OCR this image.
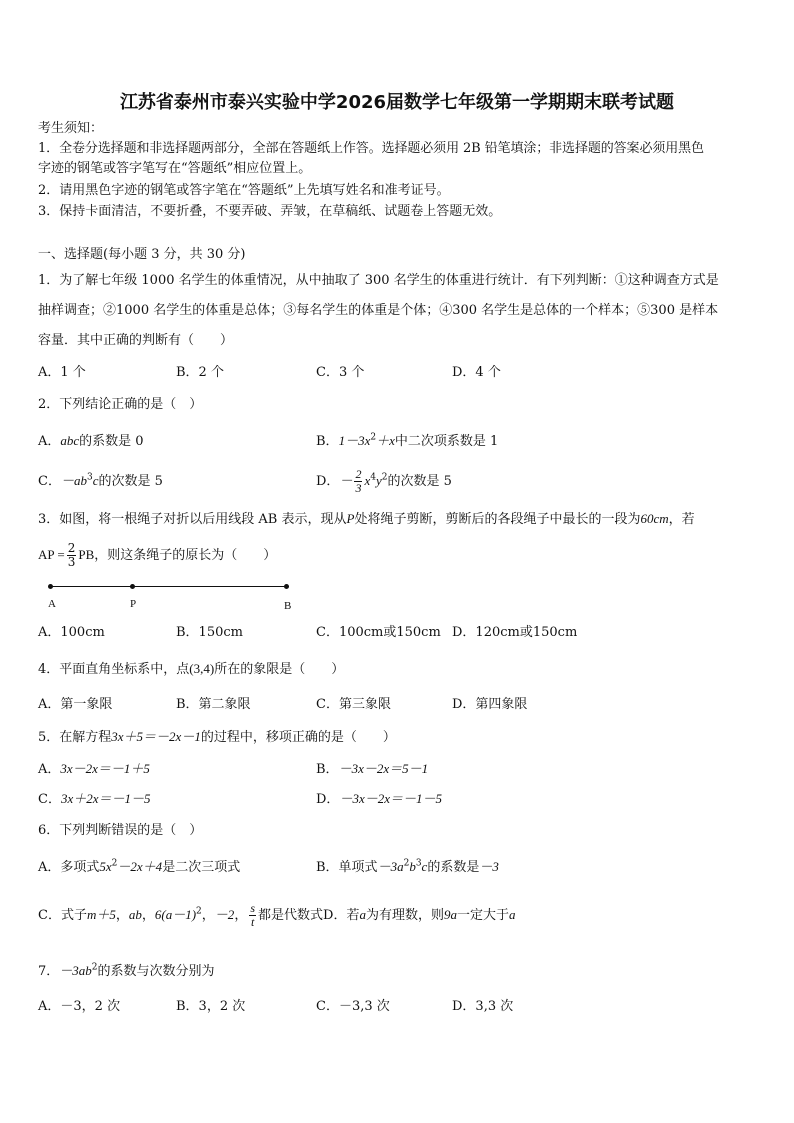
江苏省泰州市泰兴实验中学2026届数学七年级第一学期期末联考试题
考生须知：
1．全卷分选择题和非选择题两部分，全部在答题纸上作答。选择题必须用 2B 铅笔填涂；非选择题的答案必须用黑色
字迹的钢笔或答字笔写在“答题纸”相应位置上。
2．请用黑色字迹的钢笔或答字笔在“答题纸”上先填写姓名和准考证号。
3．保持卡面清洁，不要折叠，不要弄破、弄皱，在草稿纸、试题卷上答题无效。
一、选择题(每小题 3 分，共 30 分)
1．为了解七年级 1000 名学生的体重情况，从中抽取了 300 名学生的体重进行统计．有下列判断：①这种调查方式是
抽样调查；②1000 名学生的体重是总体；③每名学生的体重是个体；④300 名学生是总体的一个样本；⑤300 是样本
容量．其中正确的判断有（　　）
A．1 个	B．2 个	C．3 个	D．4 个
2．下列结论正确的是（　）
A．abc的系数是 0	B．$1-3x^2+x$中二次项系数是 1
C．$-ab^3c$的次数是 5	D．－ $\frac{2}{3} x^4y^2$的次数是 5
3．如图，将一根绳子对折以后用线段 AB 表示，现从P处将绳子剪断，剪断后的各段绳子中最长的一段为60cm，若
AP = $\frac{2}{3}$ PB，则这条绳子的原长为（　　）
A	P	B
A．100cm	B．150cm	C．100cm或150cm D．120cm或150cm
4．平面直角坐标系中，点(3,4)所在的象限是（　　）
A．第一象限	B．第二象限	C．第三象限	D．第四象限
5．在解方程3x＋5＝－2x－1的过程中，移项正确的是（　　）
A．3x－2x＝－1＋5	B．－3x－2x＝5－1
C．3x＋2x＝－1－5	D．－3x－2x＝－1－5
6．下列判断错误的是（　）
A．多项式$5x^2-2x+4$是二次三项式	B．单项式$-3a^2b^3c$的系数是－3
C．式子m＋5，ab，$6(a-1)^2$，－2， $\frac{s}{t}$ 都是代数式D．若a为有理数，则9a一定大于a
7．$-3ab^2$的系数与次数分别为
A．－3，2 次	B．3，2 次	C．－3,3 次	D．3,3 次
